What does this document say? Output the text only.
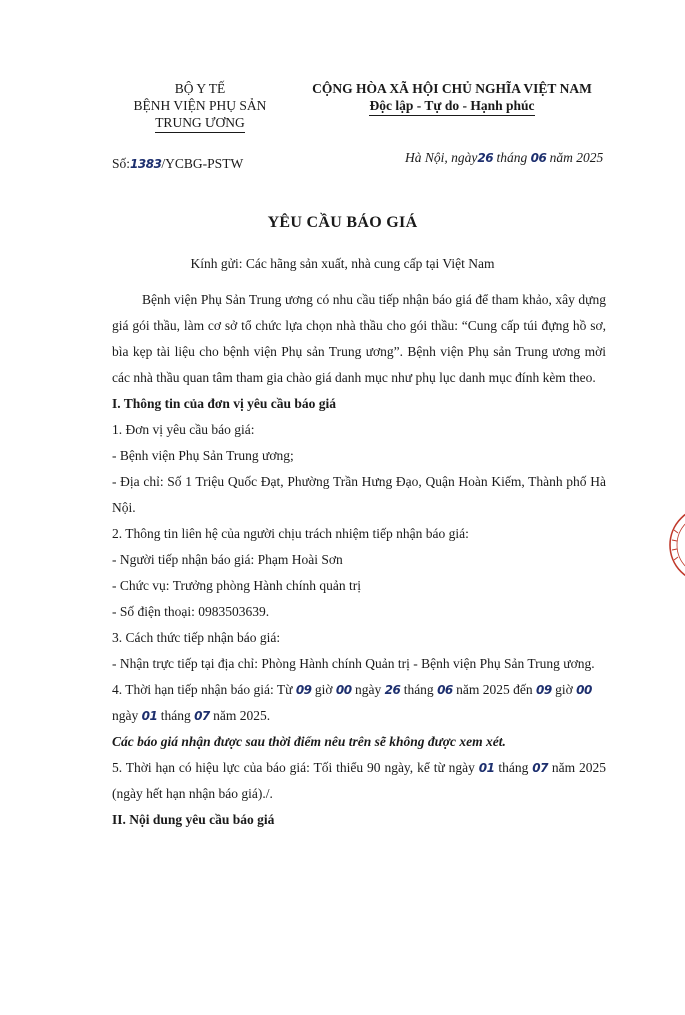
BỘ Y TẾ
BỆNH VIỆN PHỤ SẢN
TRUNG ƯƠNG
CỘNG HÒA XÃ HỘI CHỦ NGHĨA VIỆT NAM
Độc lập - Tự do - Hạnh phúc
Số:1383/YCBG-PSTW	Hà Nội, ngày26 tháng 06 năm 2025
YÊU CẦU BÁO GIÁ
Kính gửi: Các hãng sản xuất, nhà cung cấp tại Việt Nam

Bệnh viện Phụ Sản Trung ương có nhu cầu tiếp nhận báo giá để tham khảo, xây dựng giá gói thầu, làm cơ sở tổ chức lựa chọn nhà thầu cho gói thầu: “Cung cấp túi đựng hồ sơ, bìa kẹp tài liệu cho bệnh viện Phụ sản Trung ương”. Bệnh viện Phụ sản Trung ương mời các nhà thầu quan tâm tham gia chào giá danh mục như phụ lục danh mục đính kèm theo.

I. Thông tin của đơn vị yêu cầu báo giá

1. Đơn vị yêu cầu báo giá:

- Bệnh viện Phụ Sản Trung ương;

- Địa chỉ: Số 1 Triệu Quốc Đạt, Phường Trần Hưng Đạo, Quận Hoàn Kiếm, Thành phố Hà Nội.

2. Thông tin liên hệ của người chịu trách nhiệm tiếp nhận báo giá:

- Người tiếp nhận báo giá: Phạm Hoài Sơn

- Chức vụ: Trưởng phòng Hành chính quản trị

- Số điện thoại: 0983503639.

3. Cách thức tiếp nhận báo giá:

- Nhận trực tiếp tại địa chỉ: Phòng Hành chính Quản trị - Bệnh viện Phụ Sản Trung ương.

4. Thời hạn tiếp nhận báo giá: Từ 09 giờ 00 ngày 26 tháng 06 năm 2025 đến 09 giờ 00 ngày 01 tháng 07 năm 2025.

Các báo giá nhận được sau thời điểm nêu trên sẽ không được xem xét.

5. Thời hạn có hiệu lực của báo giá: Tối thiểu 90 ngày, kể từ ngày 01 tháng 07 năm 2025 (ngày hết hạn nhận báo giá)./.

II. Nội dung yêu cầu báo giá
